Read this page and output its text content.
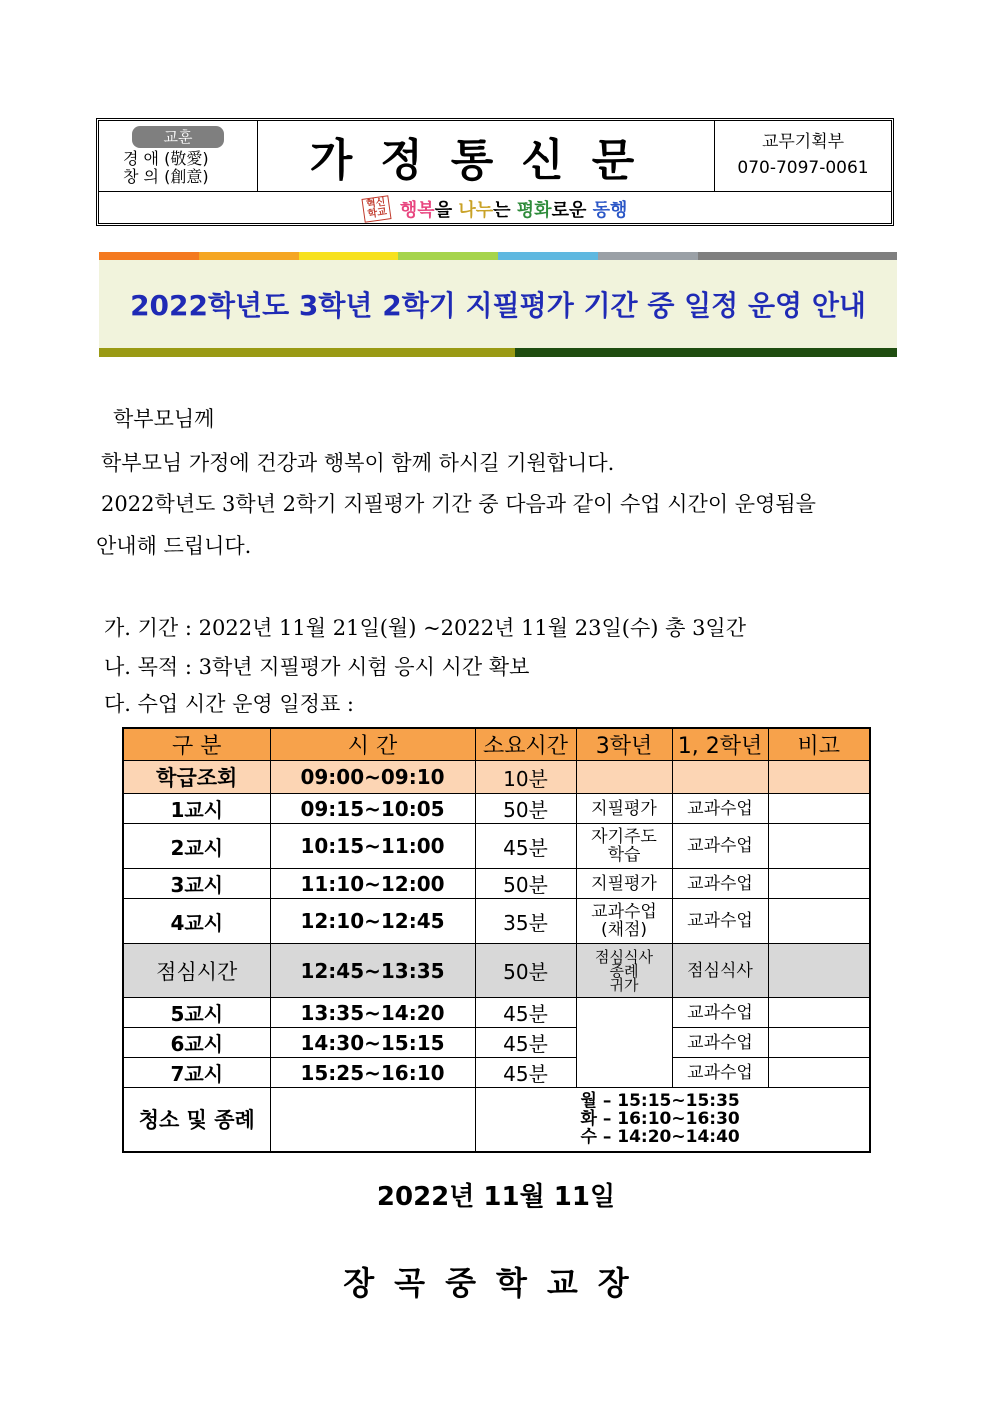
교훈
경 애 (敬愛)
창 의 (創意)	가정통신문	교무기획부
070-7097-0061
혁신
학교 행복을 나누는 평화로운 동행
2022학년도 3학년 2학기 지필평가 기간 중 일정 운영 안내
학부모님께
학부모님 가정에 건강과 행복이 함께 하시길 기원합니다.
2022학년도 3학년 2학기 지필평가 기간 중 다음과 같이 수업 시간이 운영됨을
안내해 드립니다.
가. 기간 : 2022년 11월 21일(월) ~2022년 11월 23일(수) 총 3일간
나. 목적 : 3학년 지필평가 시험 응시 시간 확보
다. 수업 시간 운영 일정표 :
구 분	시 간	소요시간	3학년	1, 2학년	비고
학급조회	09:00~09:10	10분			
1교시	09:15~10:05	50분	지필평가	교과수업	
2교시	10:15~11:00	45분	자기주도
학습	교과수업	
3교시	11:10~12:00	50분	지필평가	교과수업	
4교시	12:10~12:45	35분	교과수업
(채점)	교과수업	
점심시간	12:45~13:35	50분	점심식사
종례
귀가	점심식사	
5교시	13:35~14:20	45분		교과수업	
6교시	14:30~15:15	45분		교과수업	
7교시	15:25~16:10	45분		교과수업	
청소 및 종례		월 – 15:15~15:35
화 – 16:10~16:30
수 – 14:20~14:40			
2022년 11월 11일
장곡중학교장
